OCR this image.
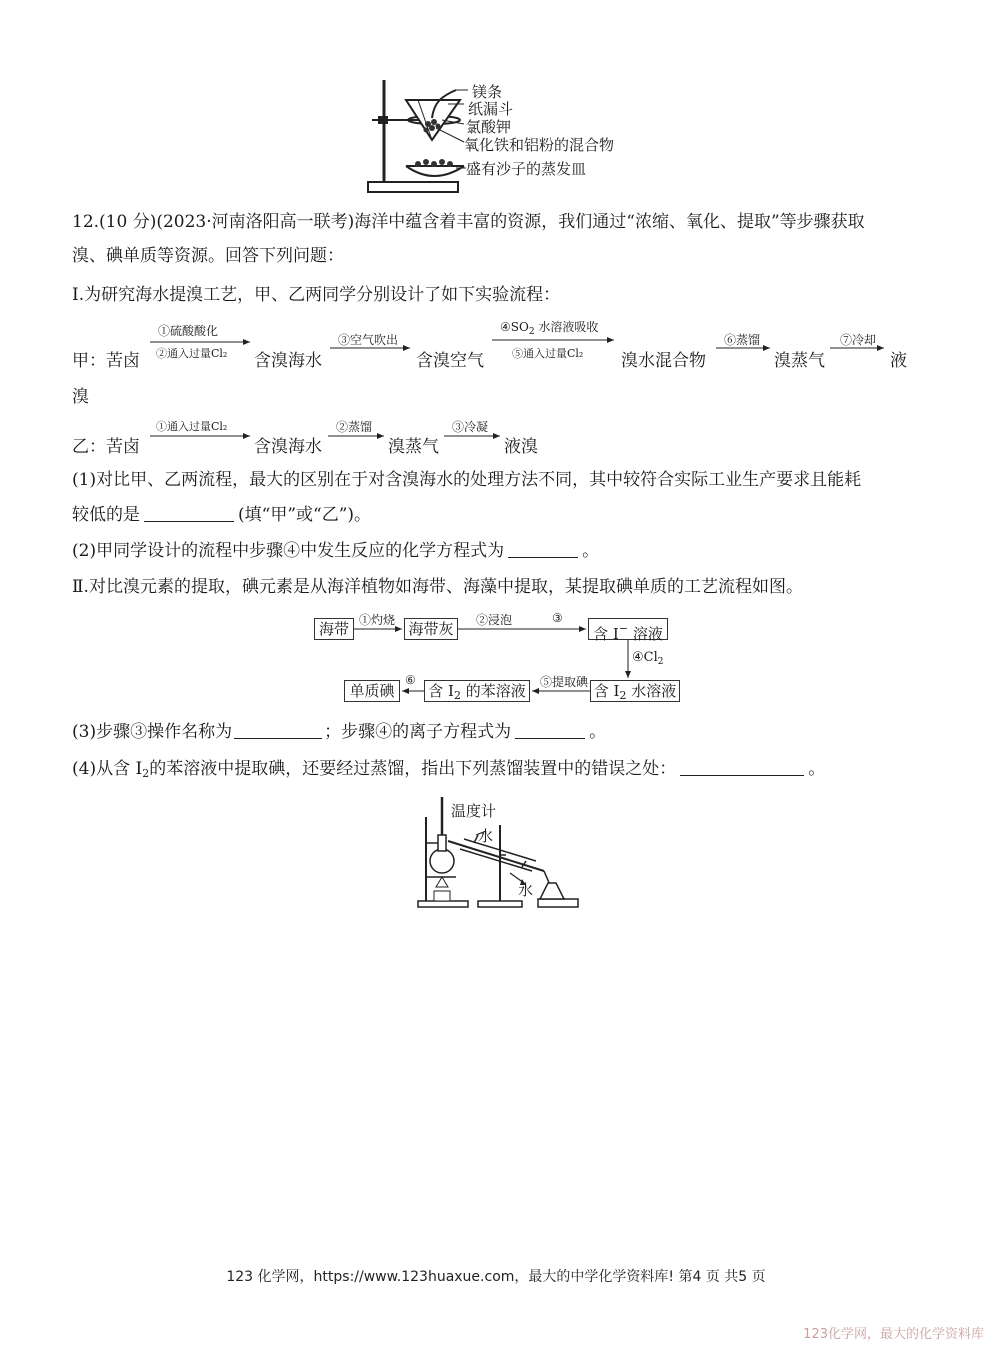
镁条
纸漏斗
氯酸钾
氧化铁和铝粉的混合物
盛有沙子的蒸发皿
12.(10 分)(2023·河南洛阳高一联考)海洋中蕴含着丰富的资源，我们通过“浓缩、氧化、提取”等步骤获取
溴、碘单质等资源。回答下列问题：
Ⅰ.为研究海水提溴工艺，甲、乙两同学分别设计了如下实验流程：
甲：苦卤
①硫酸酸化
②通入过量Cl₂ 含溴海水
③空气吹出
含溴空气
$④SO_2$ 水溶液吸收
⑤通入过量Cl₂ 溴水混合物
⑥蒸馏
溴蒸气
⑦冷却
液
溴
乙：苦卤
①通入过量Cl₂
含溴海水
②蒸馏
溴蒸气
③冷凝
液溴
(1)对比甲、乙两流程，最大的区别在于对含溴海水的处理方法不同，其中较符合实际工业生产要求且能耗
较低的是	(填“甲”或“乙”)。
(2)甲同学设计的流程中步骤④中发生反应的化学方程式为	。
Ⅱ.对比溴元素的提取，碘元素是从海洋植物如海带、海藻中提取，某提取碘单质的工艺流程如图。
海带 ①灼烧 海带灰	②浸泡	③
含 I− 溶液
$④Cl_2$
含 $I_2$ 水溶液
⑤提取碘
含 $I_2$ 的苯溶液
⑥
单质碘
(3)步骤③操作名称为	；步骤④的离子方程式为	。
(4)从含 $I_2$的苯溶液中提取碘，还要经过蒸馏，指出下列蒸馏装置中的错误之处：	。
温度计
水
水
123 化学网，https://www.123huaxue.com，最大的中学化学资料库! 第4 页 共5 页
123化学网，最大的化学资料库
